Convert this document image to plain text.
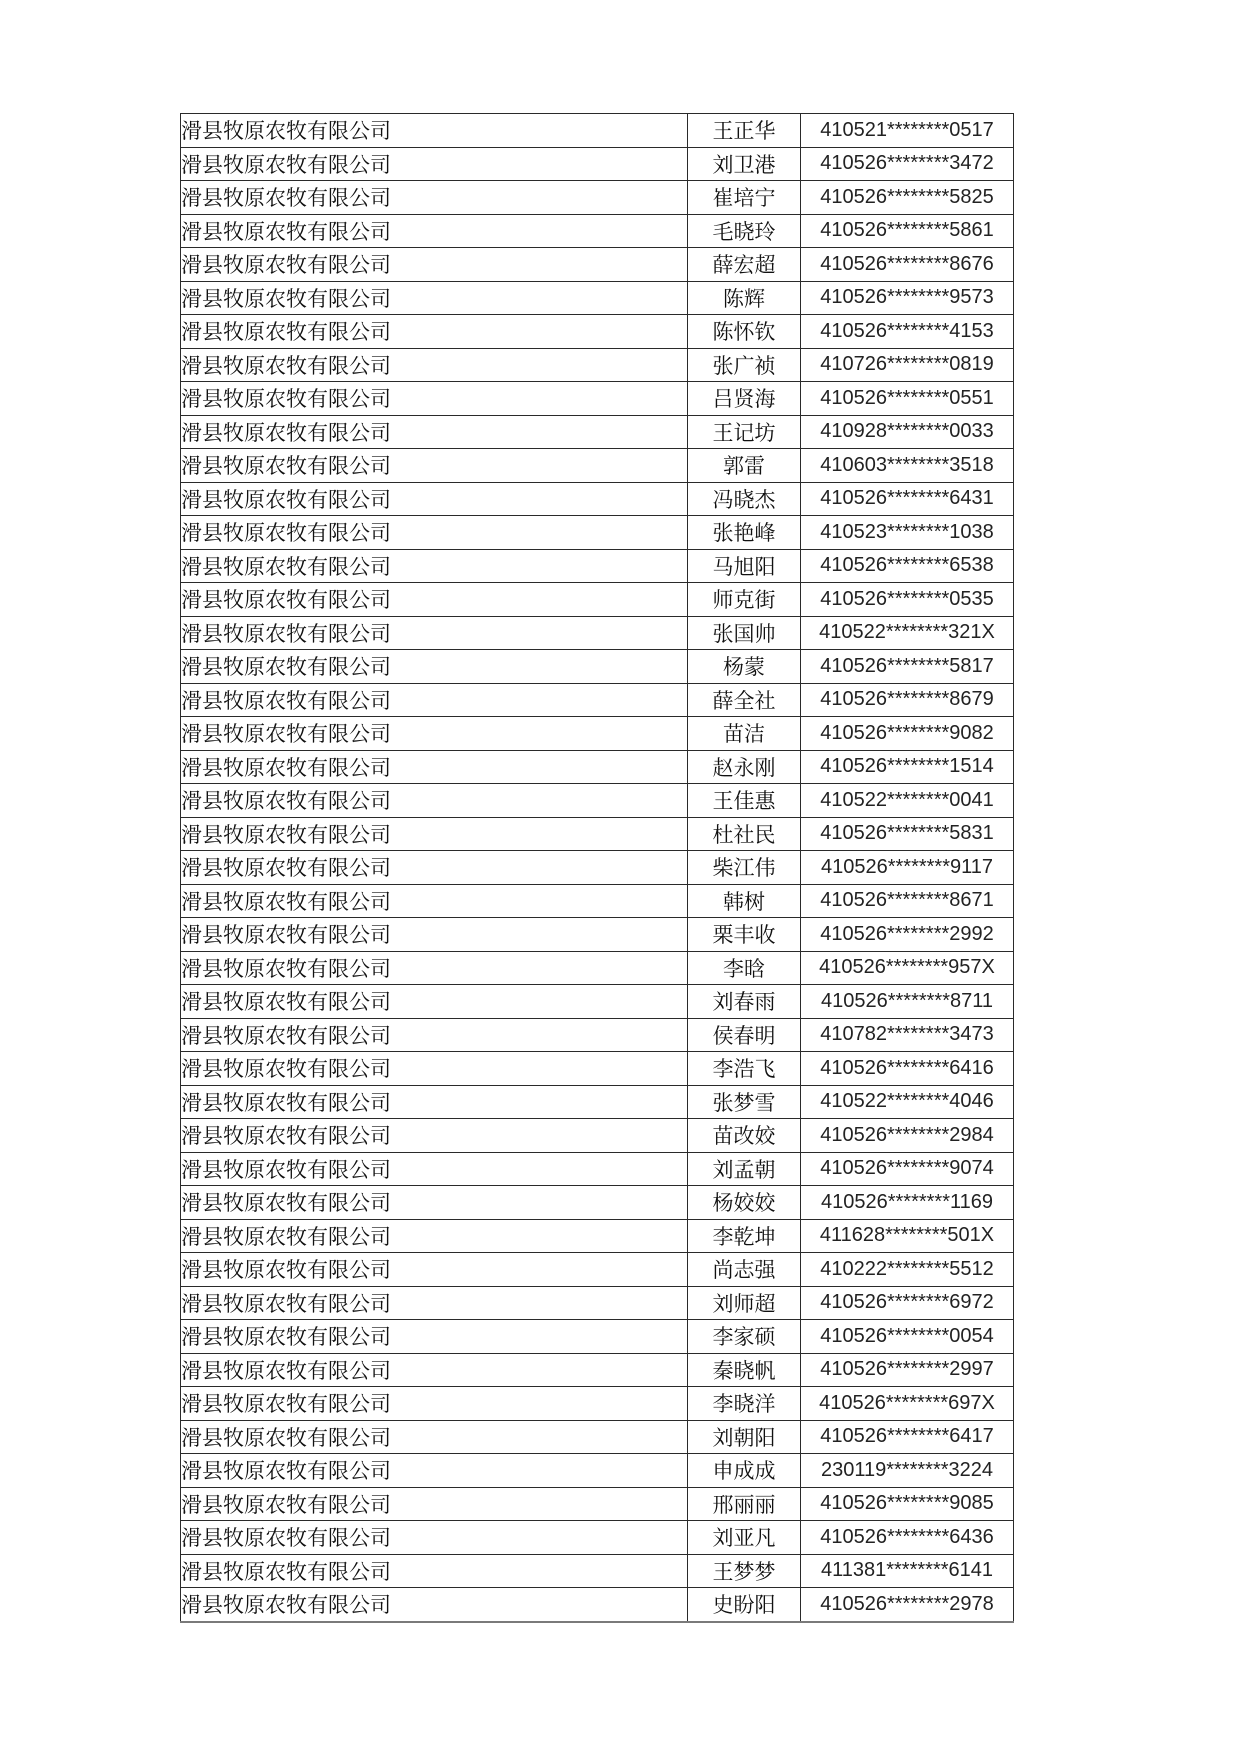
滑县牧原农牧有限公司	王正华	410521********0517
滑县牧原农牧有限公司	刘卫港	410526********3472
滑县牧原农牧有限公司	崔培宁	410526********5825
滑县牧原农牧有限公司	毛晓玲	410526********5861
滑县牧原农牧有限公司	薛宏超	410526********8676
滑县牧原农牧有限公司	陈辉	410526********9573
滑县牧原农牧有限公司	陈怀钦	410526********4153
滑县牧原农牧有限公司	张广祯	410726********0819
滑县牧原农牧有限公司	吕贤海	410526********0551
滑县牧原农牧有限公司	王记坊	410928********0033
滑县牧原农牧有限公司	郭雷	410603********3518
滑县牧原农牧有限公司	冯晓杰	410526********6431
滑县牧原农牧有限公司	张艳峰	410523********1038
滑县牧原农牧有限公司	马旭阳	410526********6538
滑县牧原农牧有限公司	师克街	410526********0535
滑县牧原农牧有限公司	张国帅	410522********321X
滑县牧原农牧有限公司	杨蒙	410526********5817
滑县牧原农牧有限公司	薛全社	410526********8679
滑县牧原农牧有限公司	苗洁	410526********9082
滑县牧原农牧有限公司	赵永刚	410526********1514
滑县牧原农牧有限公司	王佳惠	410522********0041
滑县牧原农牧有限公司	杜社民	410526********5831
滑县牧原农牧有限公司	柴江伟	410526********9117
滑县牧原农牧有限公司	韩树	410526********8671
滑县牧原农牧有限公司	栗丰收	410526********2992
滑县牧原农牧有限公司	李晗	410526********957X
滑县牧原农牧有限公司	刘春雨	410526********8711
滑县牧原农牧有限公司	侯春明	410782********3473
滑县牧原农牧有限公司	李浩飞	410526********6416
滑县牧原农牧有限公司	张梦雪	410522********4046
滑县牧原农牧有限公司	苗改姣	410526********2984
滑县牧原农牧有限公司	刘孟朝	410526********9074
滑县牧原农牧有限公司	杨姣姣	410526********1169
滑县牧原农牧有限公司	李乾坤	411628********501X
滑县牧原农牧有限公司	尚志强	410222********5512
滑县牧原农牧有限公司	刘师超	410526********6972
滑县牧原农牧有限公司	李家硕	410526********0054
滑县牧原农牧有限公司	秦晓帆	410526********2997
滑县牧原农牧有限公司	李晓洋	410526********697X
滑县牧原农牧有限公司	刘朝阳	410526********6417
滑县牧原农牧有限公司	申成成	230119********3224
滑县牧原农牧有限公司	邢丽丽	410526********9085
滑县牧原农牧有限公司	刘亚凡	410526********6436
滑县牧原农牧有限公司	王梦梦	411381********6141
滑县牧原农牧有限公司	史盼阳	410526********2978
